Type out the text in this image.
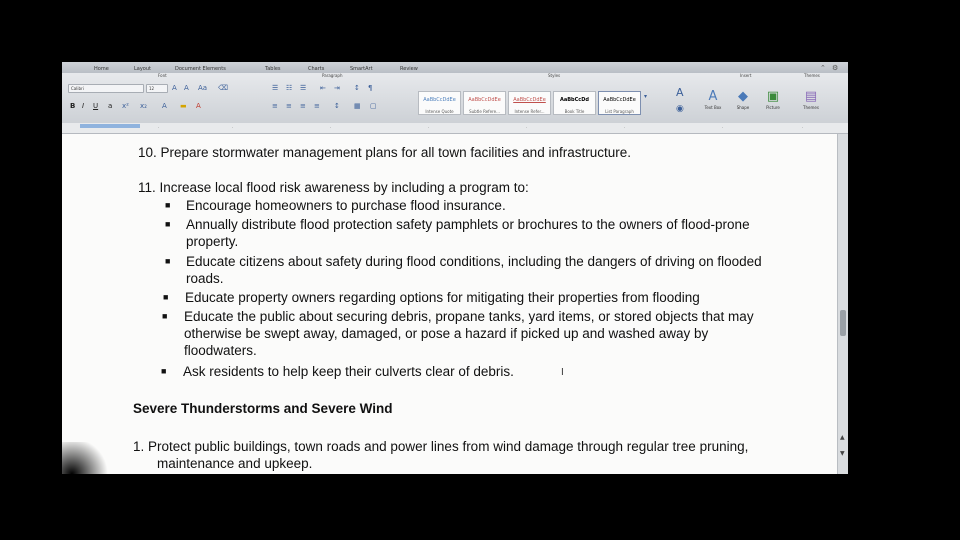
Home	Layout	Document Elements	Tables	Charts	SmartArt	Review	⌃ ⚙
Font	Paragraph	Styles	Insert	Themes
Calibri	12	A A Aa ⌫
B I U a x² x₂ A ▬ A
☰ ☷ ☰ ⇤ ⇥ ↕ ¶
≡ ≡ ≡ ≡ ↕ ▦ ▢
AaBbCcDdEe
Intense Quote
AaBbCcDdEe
Subtle Refere...
AaBbCcDdEe
Intense Refer...
AaBbCcDd
Book Title
AaBbCcDdEe
List Paragraph
▾	A
◉
A
Text Box
◆
Shape
▣
Picture
▤
Themes
·	·	·	·	·	·	·	·
10. Prepare stormwater management plans for all town facilities and infrastructure.
11. Increase local flood risk awareness by including a program to:
■ Encourage homeowners to purchase flood insurance.
■ Annually distribute flood protection safety pamphlets or brochures to the owners of flood-prone
property.
■ Educate citizens about safety during flood conditions, including the dangers of driving on flooded
roads.
■ Educate property owners regarding options for mitigating their properties from flooding
■ Educate the public about securing debris, propane tanks, yard items, or stored objects that may
otherwise be swept away, damaged, or pose a hazard if picked up and washed away by
floodwaters.
■ Ask residents to help keep their culverts clear of debris.	I
Severe Thunderstorms and Severe Wind
1. Protect public buildings, town roads and power lines from wind damage through regular tree pruning,
maintenance and upkeep.
▲
▼
